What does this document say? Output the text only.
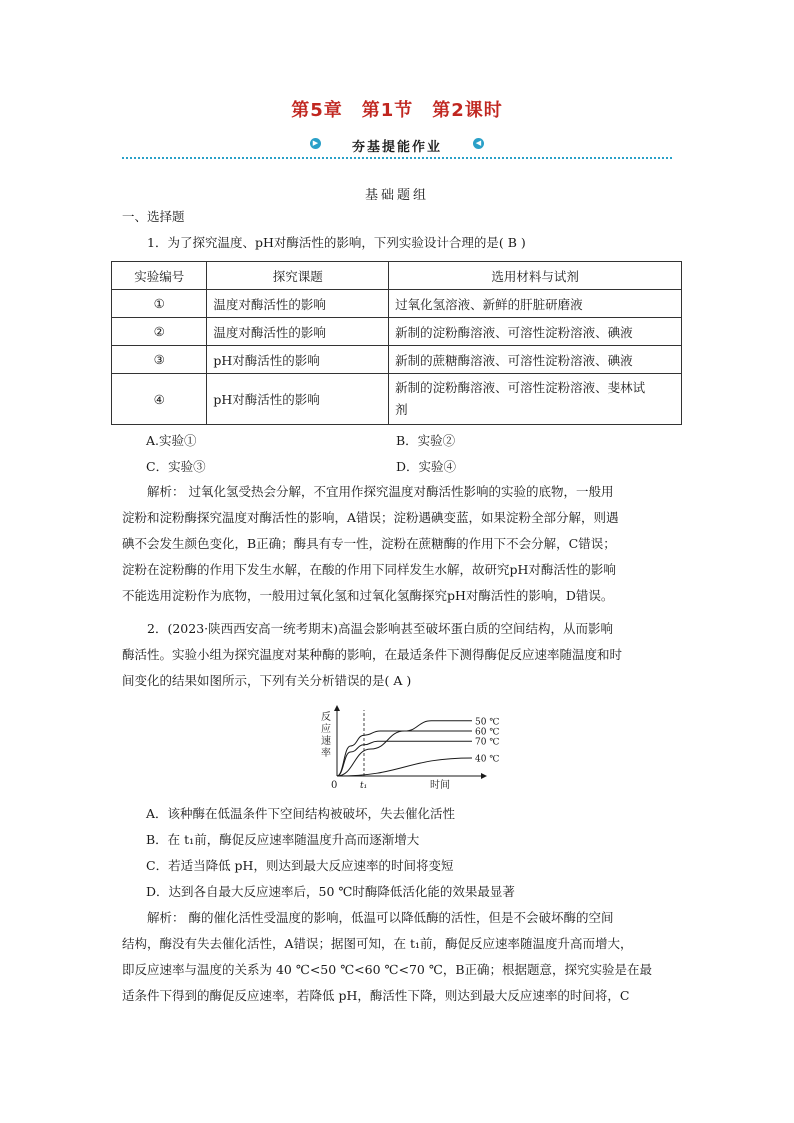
第5章　第1节　第2课时
▶	夯基提能作业	◀
基础题组
一、选择题
1．为了探究温度、pH对酶活性的影响，下列实验设计合理的是( B )
实验编号	探究课题	选用材料与试剂
①	温度对酶活性的影响	过氧化氢溶液、新鲜的肝脏研磨液
②	温度对酶活性的影响	新制的淀粉酶溶液、可溶性淀粉溶液、碘液
③	pH对酶活性的影响	新制的蔗糖酶溶液、可溶性淀粉溶液、碘液
④	pH对酶活性的影响	新制的淀粉酶溶液、可溶性淀粉溶液、斐林试
剂
A.实验①	B．实验②
C．实验③	D．实验④
解析： 过氧化氢受热会分解，不宜用作探究温度对酶活性影响的实验的底物，一般用
淀粉和淀粉酶探究温度对酶活性的影响，A错误；淀粉遇碘变蓝，如果淀粉全部分解，则遇
碘不会发生颜色变化，B正确；酶具有专一性，淀粉在蔗糖酶的作用下不会分解，C错误；
淀粉在淀粉酶的作用下发生水解，在酸的作用下同样发生水解，故研究pH对酶活性的影响
不能选用淀粉作为底物，一般用过氧化氢和过氧化氢酶探究pH对酶活性的影响，D错误。
2．(2023·陕西西安高一统考期末)高温会影响甚至破坏蛋白质的空间结构，从而影响
酶活性。实验小组为探究温度对某种酶的影响，在最适条件下测得酶促反应速率随温度和时
间变化的结果如图所示，下列有关分析错误的是( A )
反
应
速
率
时间
0	t₁
50 ℃
60 ℃
70 ℃
40 ℃
A．该种酶在低温条件下空间结构被破坏，失去催化活性
B．在 t₁前，酶促反应速率随温度升高而逐渐增大
C．若适当降低 pH，则达到最大反应速率的时间将变短
D．达到各自最大反应速率后，50 ℃时酶降低活化能的效果最显著
解析： 酶的催化活性受温度的影响，低温可以降低酶的活性，但是不会破坏酶的空间
结构，酶没有失去催化活性，A错误；据图可知，在 t₁前，酶促反应速率随温度升高而增大，
即反应速率与温度的关系为 40 ℃<50 ℃<60 ℃<70 ℃，B正确；根据题意，探究实验是在最
适条件下得到的酶促反应速率，若降低 pH，酶活性下降，则达到最大反应速率的时间将，C
